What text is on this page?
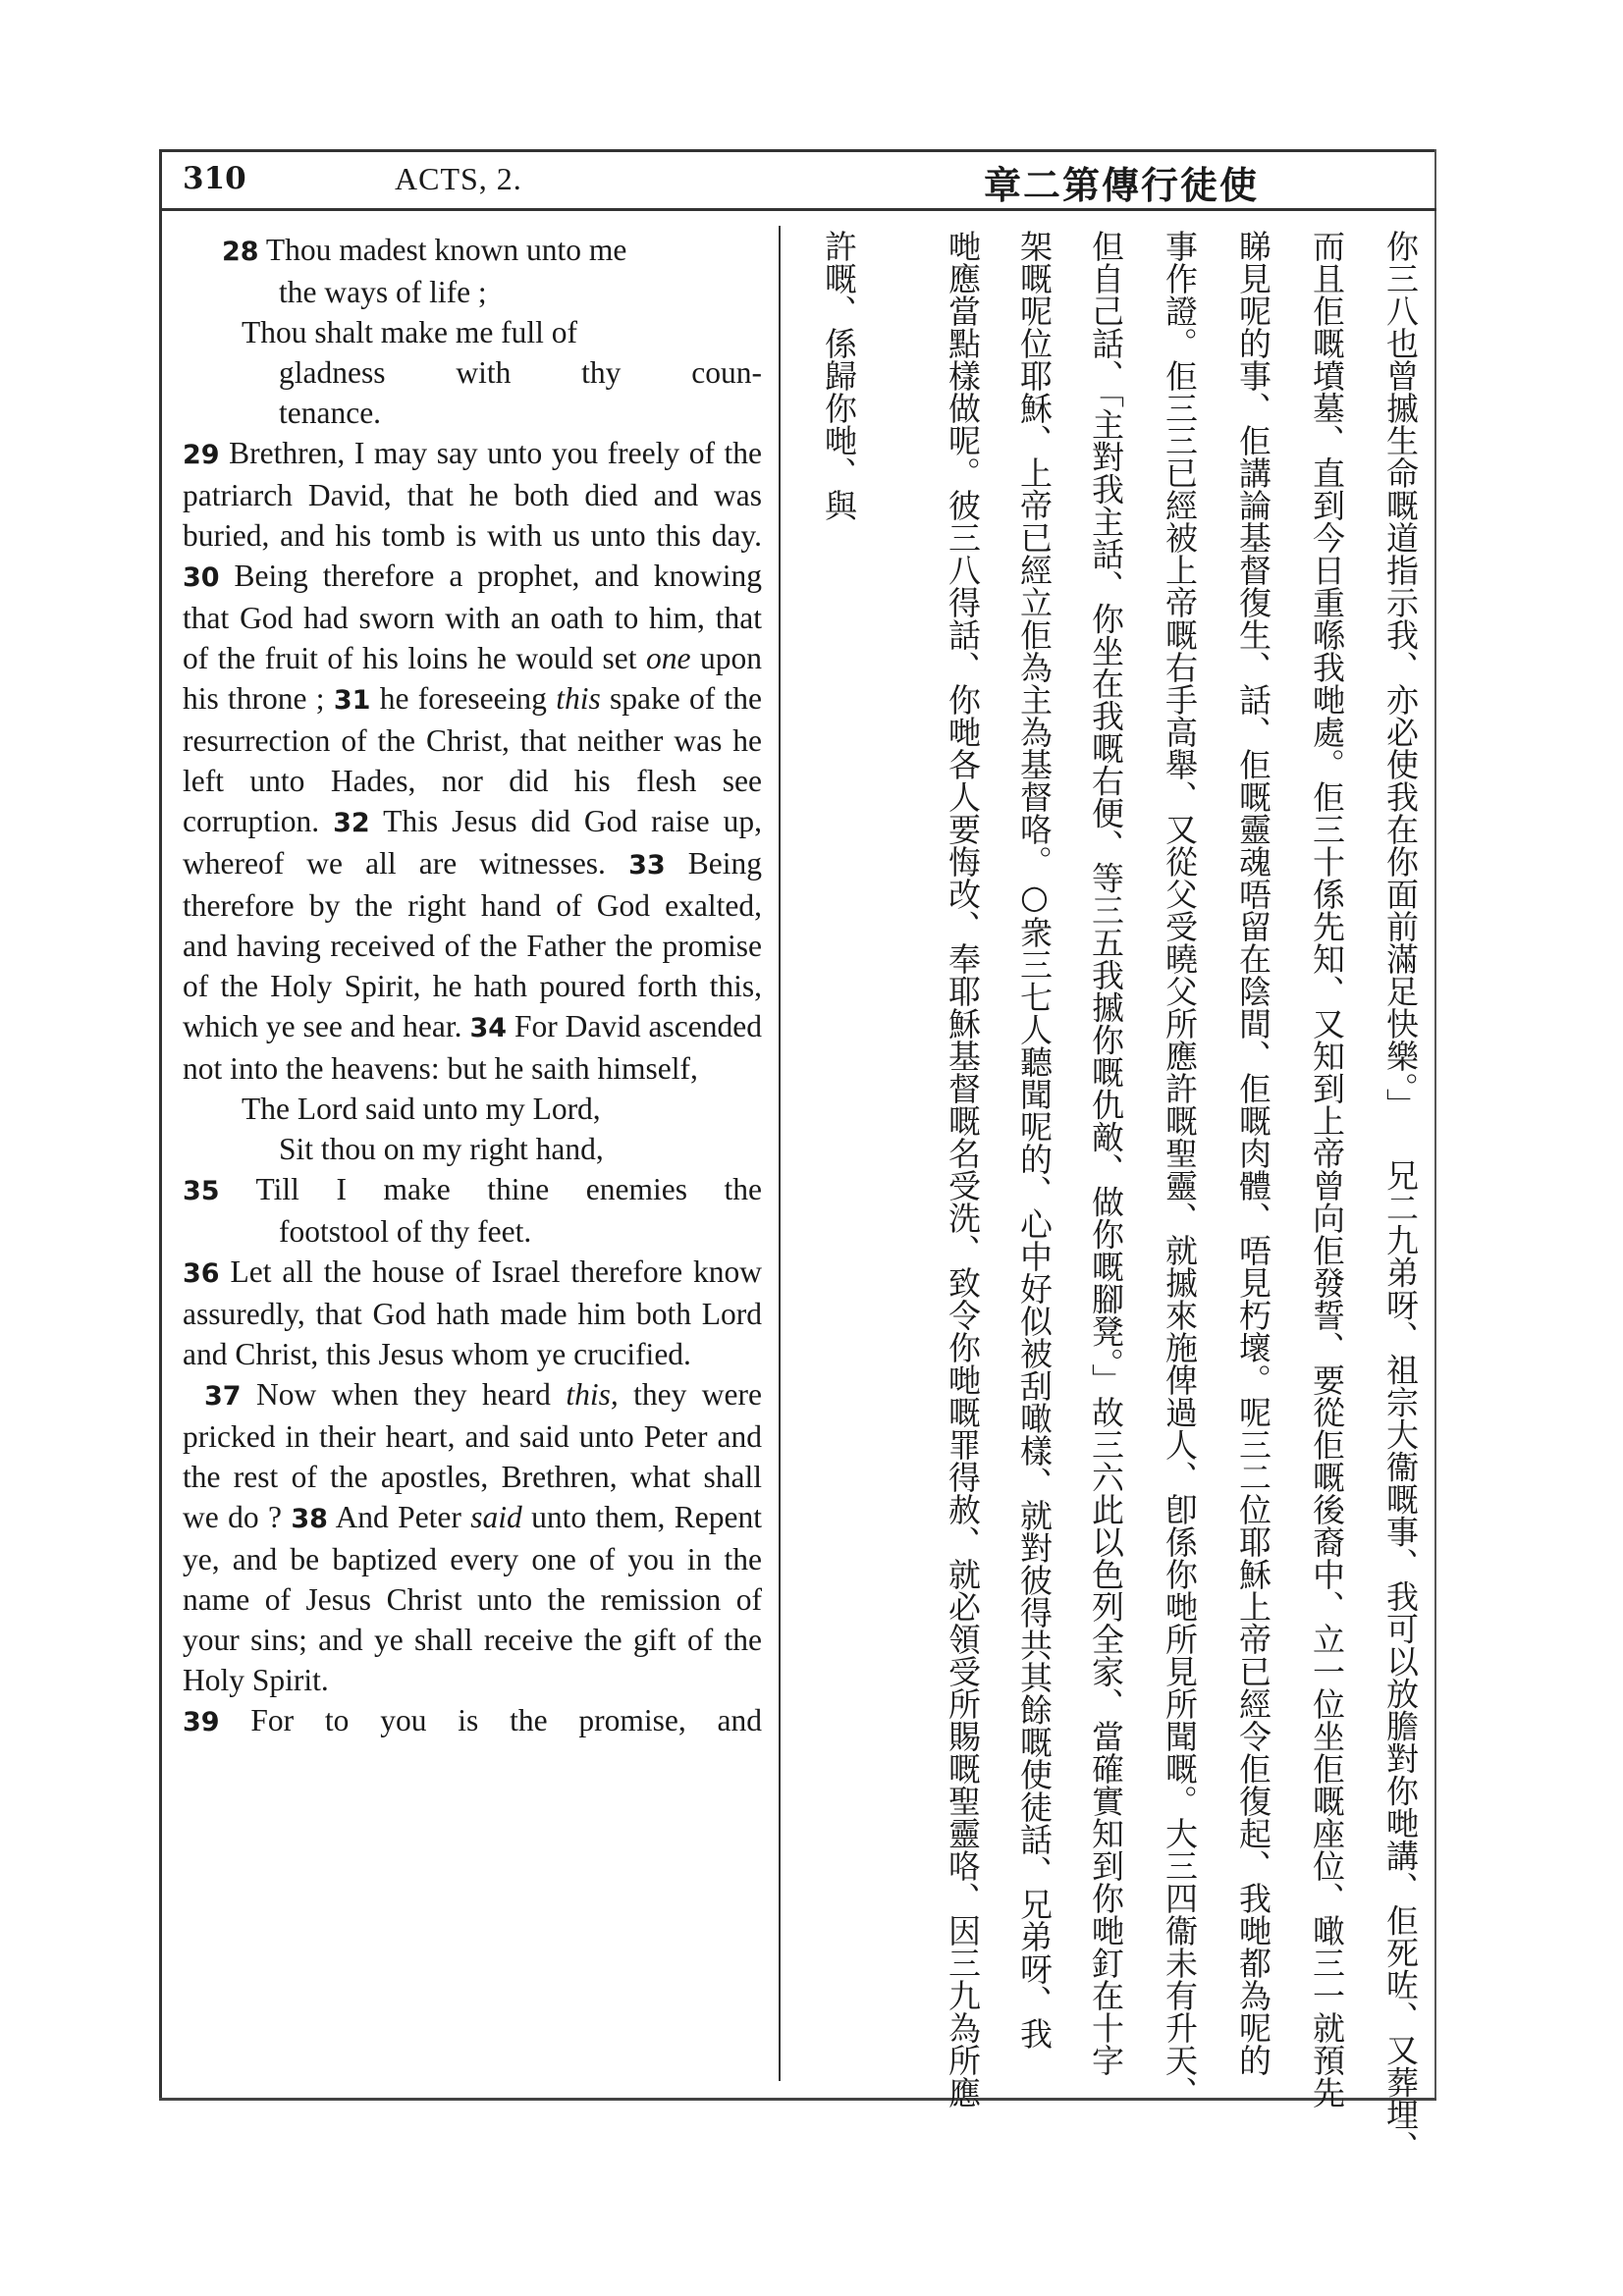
310	ACTS, 2.	章二第傳行徒使

28 Thou madest known unto me

the ways of life ;

Thou shalt make me full of

gladness with thy coun-

tenance.

29 Brethren, I may say unto you freely of the patriarch David, that he both died and was buried, and his tomb is with us unto this day. 30 Being therefore a prophet, and knowing that God had sworn with an oath to him, that of the fruit of his loins he would set one upon his throne ; 31 he foreseeing this spake of the resurrection of the Christ, that neither was he left unto Hades, nor did his flesh see corruption. 32 This Jesus did God raise up, whereof we all are witnesses. 33 Being therefore by the right hand of God exalted, and having received of the Father the promise of the Holy Spirit, he hath poured forth this, which ye see and hear. 34 For David ascended not into the heavens: but he saith himself,

The Lord said unto my Lord,

Sit thou on my right hand,

35 Till I make thine enemies the

footstool of thy feet.

36 Let all the house of Israel therefore know assuredly, that God hath made him both Lord and Christ, this Jesus whom ye crucified.

37 Now when they heard this, they were pricked in their heart, and said unto Peter and the rest of the apostles, Brethren, what shall we do ? 38 And Peter said unto them, Repent ye, and be baptized every one of you in the name of Jesus Christ unto the remission of your sins; and ye shall receive the gift of the Holy Spirit.

39 For to you is the promise, and	你三八也曾摵生命嘅道指示我、亦必使我在你面前滿足快樂。」 兄二九弟呀、祖宗大衞嘅事、我可以放膽對你哋講、佢死咗、又葬埋、
而且佢嘅墳墓、直到今日重喺我哋處。佢三十係先知、又知到上帝曾向佢發誓、要從佢嘅後裔中、立一位坐佢嘅座位、噉三一就預先
睇見呢的事、佢講論基督復生、話、佢嘅靈魂唔留在陰間、佢嘅肉體、唔見朽壞。呢三二位耶穌上帝已經令佢復起、我哋都為呢的
事作證。佢三三已經被上帝嘅右手高舉、又從父受曉父所應許嘅聖靈、就摵來施俾過人、卽係你哋所見所聞嘅。大三四衞未有升天、
但自己話、「主對我主話、你坐在我嘅右便、等三五我摵你嘅仇敵、做你嘅腳凳。」故三六此以色列全家、當確實知到你哋釘在十字
架嘅呢位耶穌、上帝已經立佢為主為基督咯。○衆三七人聽聞呢的、心中好似被刮噉樣、就對彼得共其餘嘅使徒話、兄弟呀、我
哋應當點樣做呢。彼三八得話、你哋各人要悔改、奉耶穌基督嘅名受洗、致令你哋嘅罪得赦、就必領受所賜嘅聖靈咯、因三九為所應
許嘅、係歸你哋、與
